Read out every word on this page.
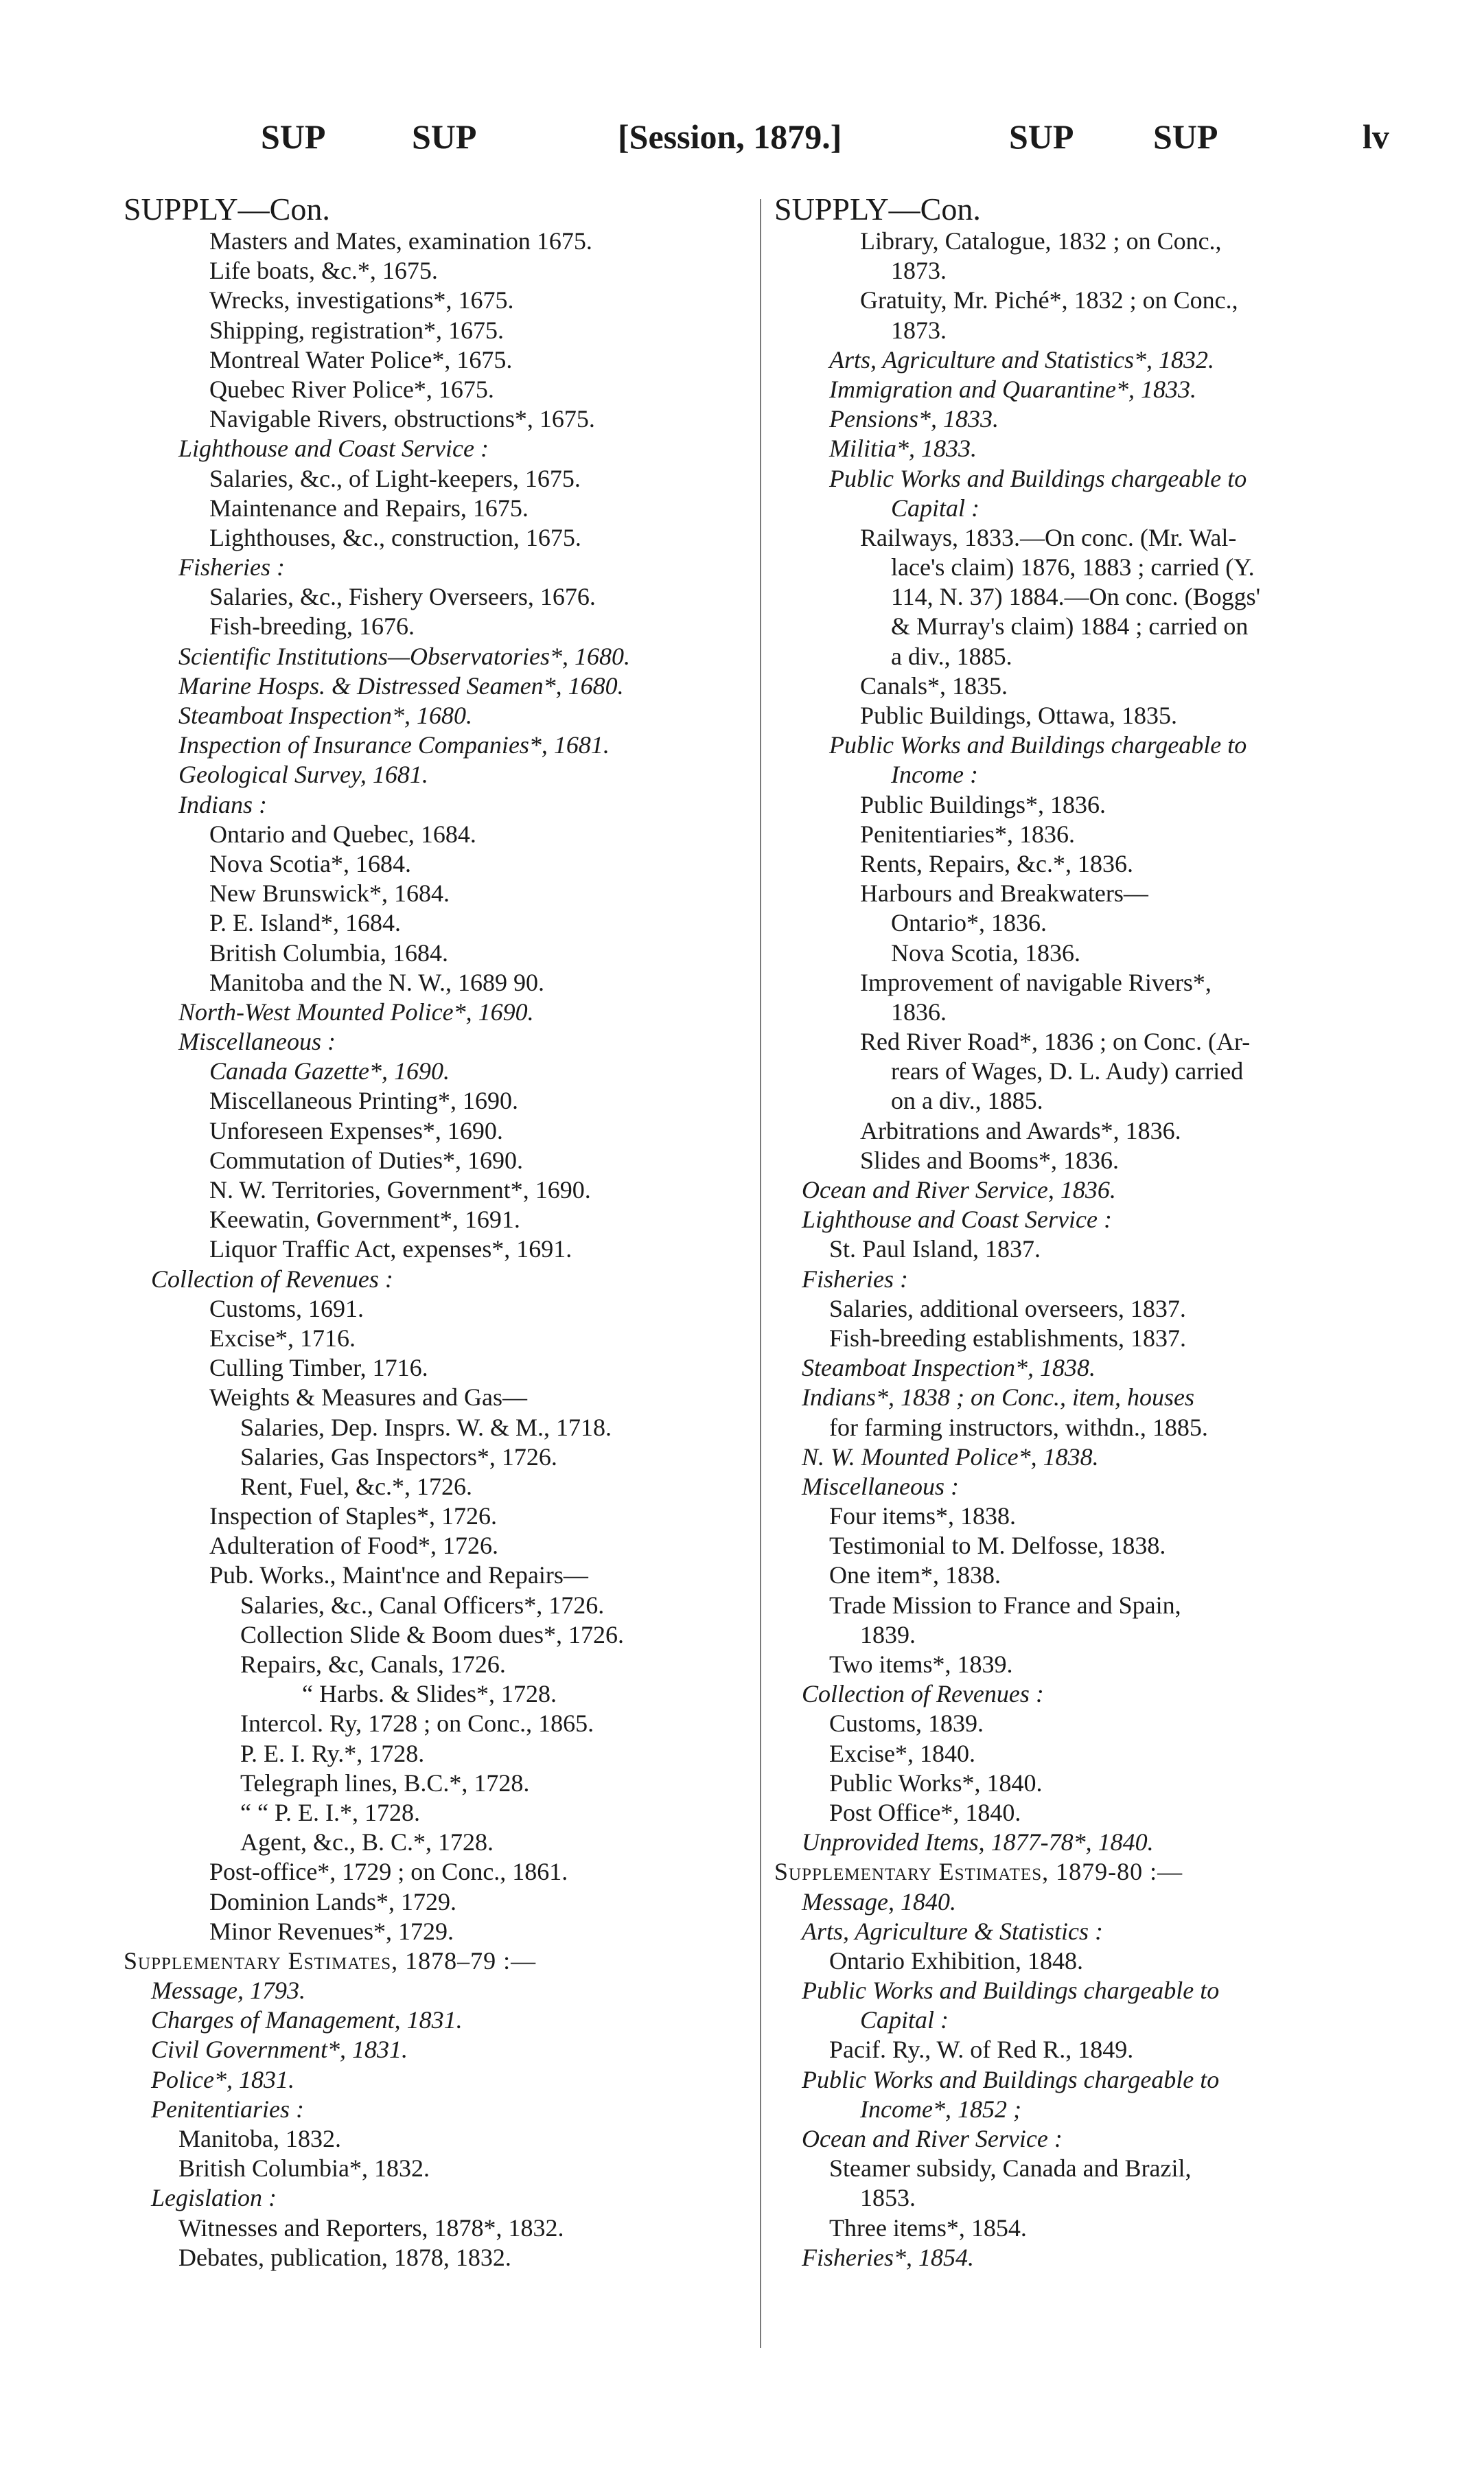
SUP	SUP	[Session, 1879.]	SUP SUP	lv
SUPPLY—Con.
Masters and Mates, examination 1675.
Life boats, &c.*, 1675.
Wrecks, investigations*, 1675.
Shipping, registration*, 1675.
Montreal Water Police*, 1675.
Quebec River Police*, 1675.
Navigable Rivers, obstructions*, 1675.
Lighthouse and Coast Service :
Salaries, &c., of Light-keepers, 1675.
Maintenance and Repairs, 1675.
Lighthouses, &c., construction, 1675.
Fisheries :
Salaries, &c., Fishery Overseers, 1676.
Fish-breeding, 1676.
Scientific Institutions—Observatories*, 1680.
Marine Hosps. & Distressed Seamen*, 1680.
Steamboat Inspection*, 1680.
Inspection of Insurance Companies*, 1681.
Geological Survey, 1681.
Indians :
Ontario and Quebec, 1684.
Nova Scotia*, 1684.
New Brunswick*, 1684.
P. E. Island*, 1684.
British Columbia, 1684.
Manitoba and the N. W., 1689 90.
North-West Mounted Police*, 1690.
Miscellaneous :
Canada Gazette*, 1690.
Miscellaneous Printing*, 1690.
Unforeseen Expenses*, 1690.
Commutation of Duties*, 1690.
N. W. Territories, Government*, 1690.
Keewatin, Government*, 1691.
Liquor Traffic Act, expenses*, 1691.
Collection of Revenues :
Customs, 1691.
Excise*, 1716.
Culling Timber, 1716.
Weights & Measures and Gas—
Salaries, Dep. Insprs. W. & M., 1718.
Salaries, Gas Inspectors*, 1726.
Rent, Fuel, &c.*, 1726.
Inspection of Staples*, 1726.
Adulteration of Food*, 1726.
Pub. Works., Maint'nce and Repairs—
Salaries, &c., Canal Officers*, 1726.
Collection Slide & Boom dues*, 1726.
Repairs, &c, Canals, 1726.
“ Harbs. & Slides*, 1728.
Intercol. Ry, 1728 ; on Conc., 1865.
P. E. I. Ry.*, 1728.
Telegraph lines, B.C.*, 1728.
“ “ P. E. I.*, 1728.
Agent, &c., B. C.*, 1728.
Post-office*, 1729 ; on Conc., 1861.
Dominion Lands*, 1729.
Minor Revenues*, 1729.
Supplementary Estimates, 1878–79 :—
Message, 1793.
Charges of Management, 1831.
Civil Government*, 1831.
Police*, 1831.
Penitentiaries :
Manitoba, 1832.
British Columbia*, 1832.
Legislation :
Witnesses and Reporters, 1878*, 1832.
Debates, publication, 1878, 1832.
SUPPLY—Con.
Library, Catalogue, 1832 ; on Conc.,
1873.
Gratuity, Mr. Piché*, 1832 ; on Conc.,
1873.
Arts, Agriculture and Statistics*, 1832.
Immigration and Quarantine*, 1833.
Pensions*, 1833.
Militia*, 1833.
Public Works and Buildings chargeable to
Capital :
Railways, 1833.—On conc. (Mr. Wal-
lace's claim) 1876, 1883 ; carried (Y.
114, N. 37) 1884.—On conc. (Boggs'
& Murray's claim) 1884 ; carried on
a div., 1885.
Canals*, 1835.
Public Buildings, Ottawa, 1835.
Public Works and Buildings chargeable to
Income :
Public Buildings*, 1836.
Penitentiaries*, 1836.
Rents, Repairs, &c.*, 1836.
Harbours and Breakwaters—
Ontario*, 1836.
Nova Scotia, 1836.
Improvement of navigable Rivers*,
1836.
Red River Road*, 1836 ; on Conc. (Ar-
rears of Wages, D. L. Audy) carried
on a div., 1885.
Arbitrations and Awards*, 1836.
Slides and Booms*, 1836.
Ocean and River Service, 1836.
Lighthouse and Coast Service :
St. Paul Island, 1837.
Fisheries :
Salaries, additional overseers, 1837.
Fish-breeding establishments, 1837.
Steamboat Inspection*, 1838.
Indians*, 1838 ; on Conc., item, houses
for farming instructors, withdn., 1885.
N. W. Mounted Police*, 1838.
Miscellaneous :
Four items*, 1838.
Testimonial to M. Delfosse, 1838.
One item*, 1838.
Trade Mission to France and Spain,
1839.
Two items*, 1839.
Collection of Revenues :
Customs, 1839.
Excise*, 1840.
Public Works*, 1840.
Post Office*, 1840.
Unprovided Items, 1877-78*, 1840.
Supplementary Estimates, 1879-80 :—
Message, 1840.
Arts, Agriculture & Statistics :
Ontario Exhibition, 1848.
Public Works and Buildings chargeable to
Capital :
Pacif. Ry., W. of Red R., 1849.
Public Works and Buildings chargeable to
Income*, 1852 ;
Ocean and River Service :
Steamer subsidy, Canada and Brazil,
1853.
Three items*, 1854.
Fisheries*, 1854.
